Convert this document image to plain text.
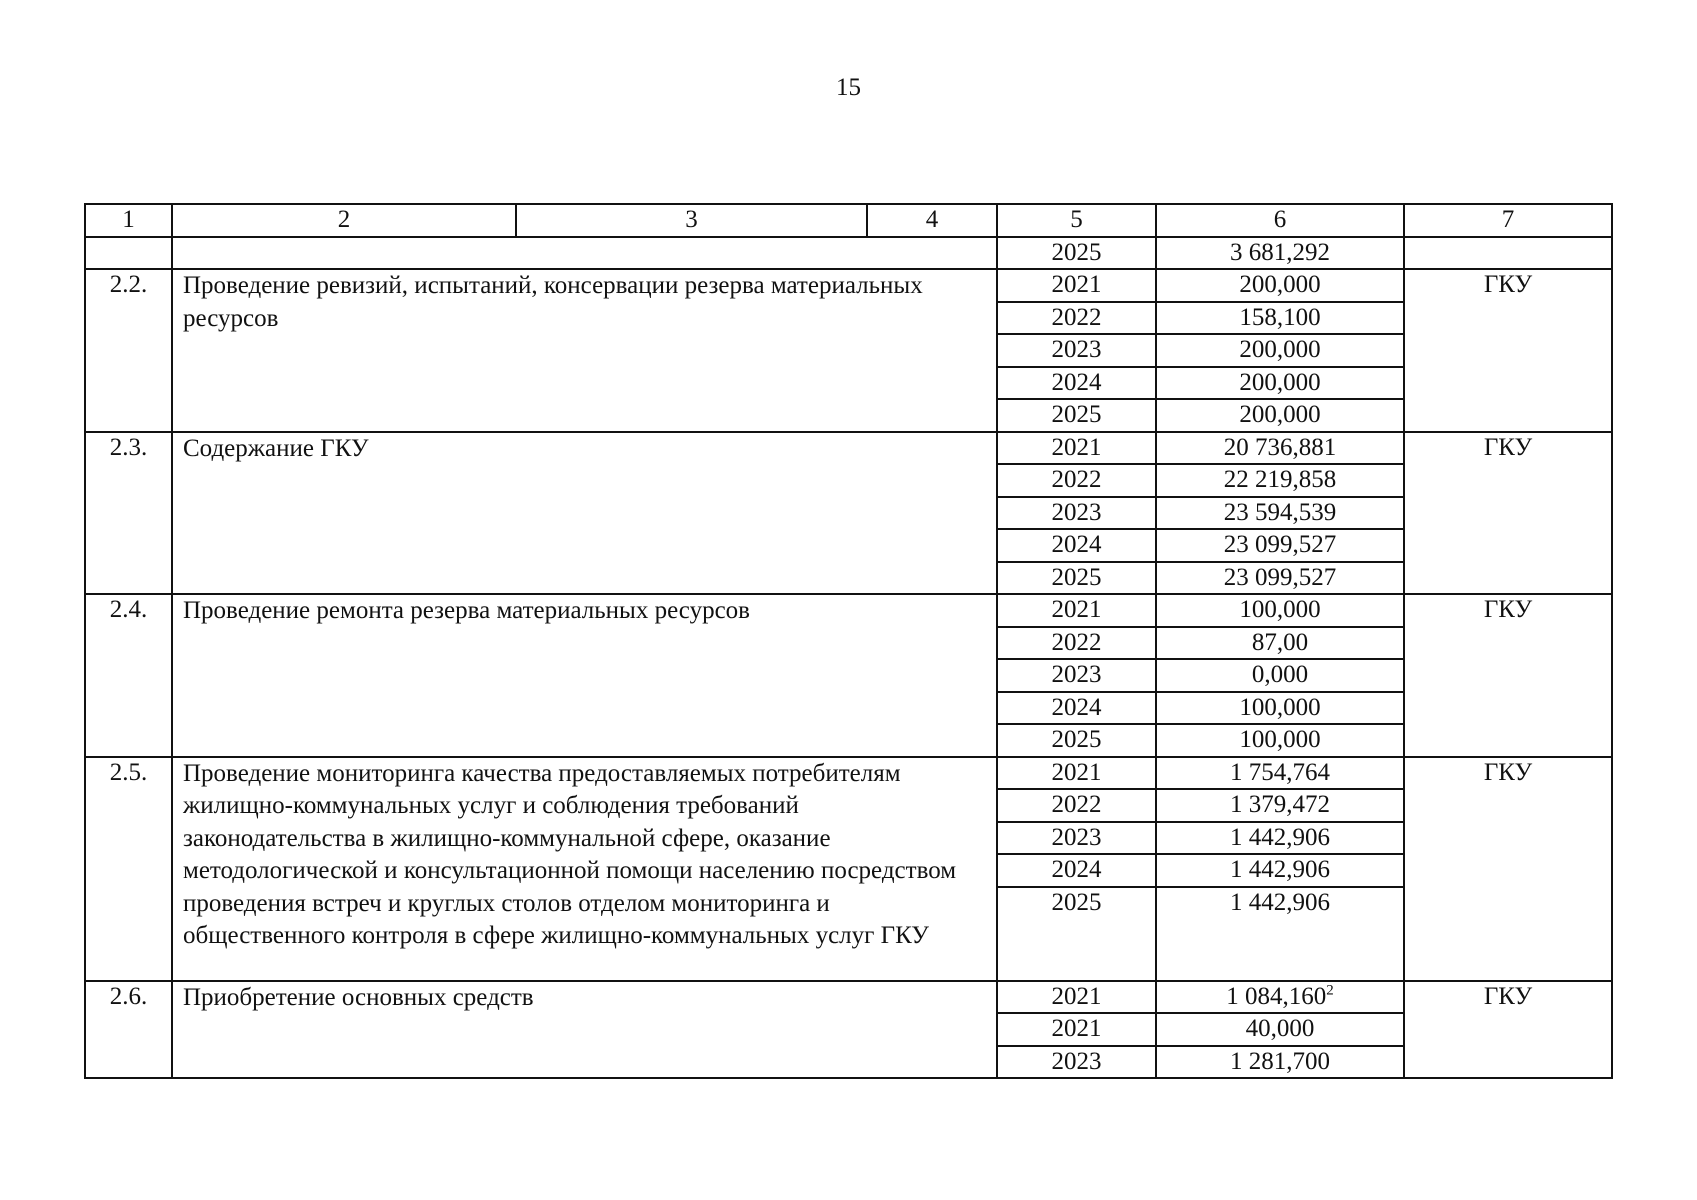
15
1	2	3	4	5	6	7
				2025	3 681,292	
2.2.	Проведение ревизий, испытаний, консервации резерва материальных ресурсов			2021	200,000	ГКУ
				2022	158,100	
				2023	200,000	
				2024	200,000	
				2025	200,000	
2.3.	Содержание ГКУ			2021	20 736,881	ГКУ
				2022	22 219,858	
				2023	23 594,539	
				2024	23 099,527	
				2025	23 099,527	
2.4.	Проведение ремонта резерва материальных ресурсов			2021	100,000	ГКУ
				2022	87,00	
				2023	0,000	
				2024	100,000	
				2025	100,000	
2.5.	Проведение мониторинга качества предоставляемых потребителям жилищно-коммунальных услуг и соблюдения требований законодательства в жилищно-коммунальной сфере, оказание методологической и консультационной помощи населению посредством проведения встреч и круглых столов отделом мониторинга и общественного контроля в сфере жилищно-коммунальных услуг ГКУ			2021	1 754,764	ГКУ
				2022	1 379,472	
				2023	1 442,906	
				2024	1 442,906	
				2025	1 442,906	
2.6.	Приобретение основных средств			2021	1 084,160$^2$	ГКУ
				2021	40,000	
				2023	1 281,700	
